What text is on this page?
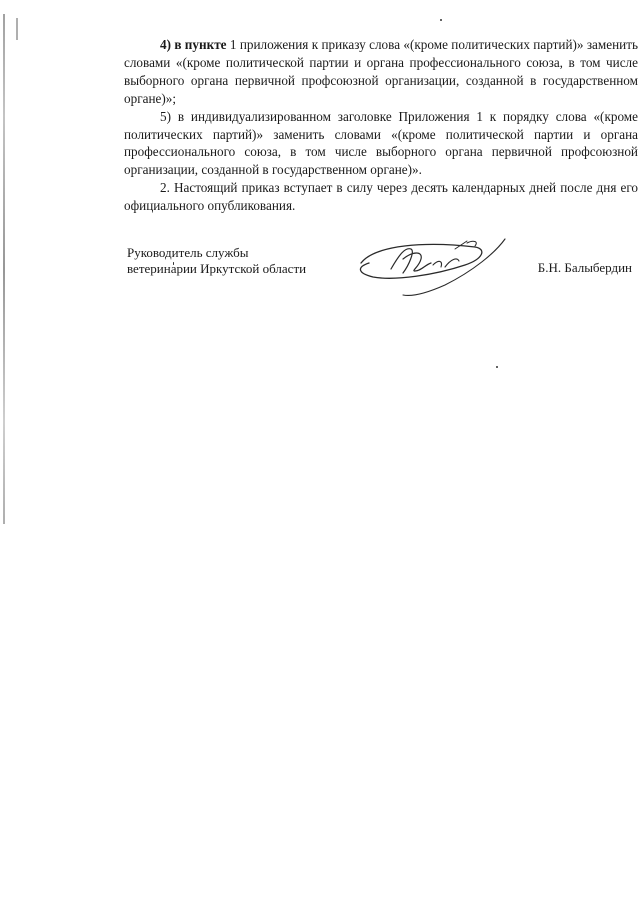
4) в пункте 1 приложения к приказу слова «(кроме политических партий)» заменить словами «(кроме политической партии и органа профессионального союза, в том числе выборного органа первичной профсоюзной организации, созданной в государственном органе)»;

5) в индивидуализированном заголовке Приложения 1 к порядку слова «(кроме политических партий)» заменить словами «(кроме политической партии и органа профессионального союза, в том числе выборного органа первичной профсоюзной организации, созданной в государственном органе)».

2. Настоящий приказ вступает в силу через десять календарных дней после дня его официального опубликования.

Руководитель службы
ветеринарии Иркутской области	Б.Н. Балыбердин
